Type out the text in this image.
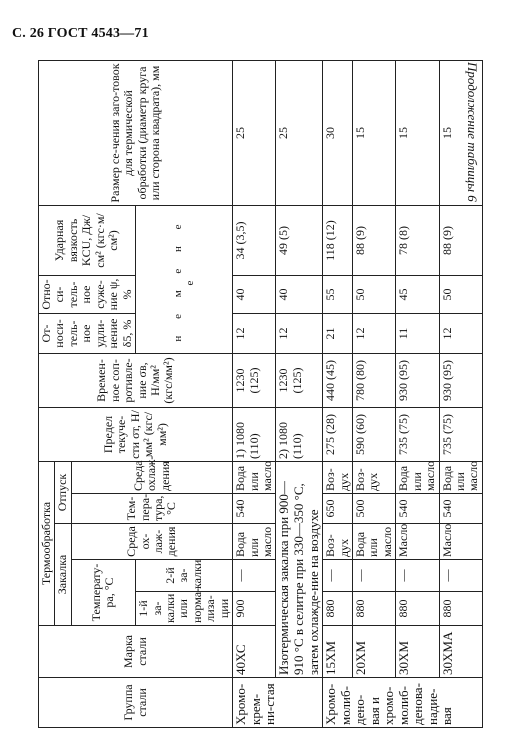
С. 26 ГОСТ 4543—71
Продолжение таблицы 6
Группа стали	Марка стали	Термообработка					Предел текуче-сти σт, Н/мм² (кгс/мм²)	Времен-ное соп-ротивле-ние σв, Н/мм² (кгс/мм²)	От-носи-тель-ное удли-нение δ5, %	Отно-си-тель-ное суже-ние ψ, %	Ударная вязкость KCU, Дж/см² (кгс·м/см²)	Размер се-чения заго-товок для термической обработки (диаметр круга или сторона квадрата), мм
		Закалка			Отпуск							
		Температу-ра, °С		Среда ох-лаж-дения	Тем-пера-тура, °С	Среда охлаж-дения						
		1-й за-калки или норма-лиза-ции	2-й за-калки						н е м е н е е			
Хромо-крем-ни-стая	40ХС	900	—	Вода или масло	540	Вода или масло	1) 1080 (110)	1230 (125)	12	40	34 (3,5)	25
	Изотермическая закалка при 900—910 °С в селитре при 330—350 °С, затем охлажде-ние на воздухе						2) 1080 (110)	1230 (125)	12	40	49 (5)	25
Хромо-молиб-дено-вая и хромо-молиб-денова-надие-вая	15ХМ	880	—	Воз-дух	650	Воз-дух	275 (28)	440 (45)	21	55	118 (12)	30
	20ХМ	880	—	Вода или масло	500	Воз-дух	590 (60)	780 (80)	12	50	88 (9)	15
	30ХМ	880	—	Масло	540	Вода или масло	735 (75)	930 (95)	11	45	78 (8)	15
	30ХМА	880	—	Масло	540	Вода или масло	735 (75)	930 (95)	12	50	88 (9)	15
